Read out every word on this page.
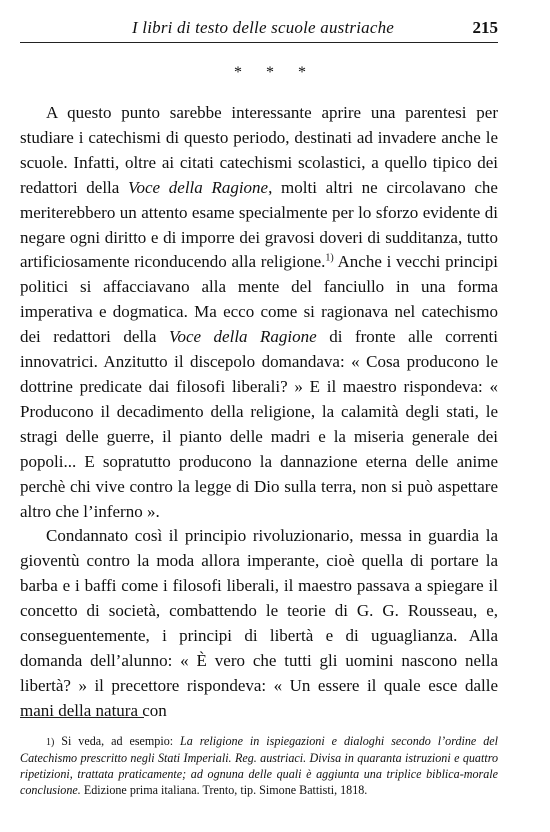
I libri di testo delle scuole austriache	215
* * *

A questo punto sarebbe interessante aprire una parentesi per studiare i catechismi di questo periodo, destinati ad invadere anche le scuole. Infatti, oltre ai citati catechismi scolastici, a quello tipico dei redattori della Voce della Ragione, molti altri ne circolavano che meriterebbero un attento esame specialmente per lo sforzo evidente di negare ogni diritto e di imporre dei gravosi doveri di sudditanza, tutto artificiosamente riconducendo alla religione.$^{1)}$ Anche i vecchi principi politici si affacciavano alla mente del fanciullo in una forma imperativa e dogmatica. Ma ecco come si ragionava nel catechismo dei redattori della Voce della Ragione di fronte alle correnti innovatrici. Anzitutto il discepolo domandava: « Cosa producono le dottrine predicate dai filosofi liberali? » E il maestro rispondeva: « Producono il decadimento della religione, la calamità degli stati, le stragi delle guerre, il pianto delle madri e la miseria generale dei popoli... E sopratutto producono la dannazione eterna delle anime perchè chi vive contro la legge di Dio sulla terra, non si può aspettare altro che l’inferno ».

Condannato così il principio rivoluzionario, messa in guardia la gioventù contro la moda allora imperante, cioè quella di portare la barba e i baffi come i filosofi liberali, il maestro passava a spiegare il concetto di società, combattendo le teorie di G. G. Rousseau, e, conseguentemente, i principi di libertà e di uguaglianza. Alla domanda dell’alunno: « È vero che tutti gli uomini nascono nella libertà? » il precettore rispondeva: « Un essere il quale esce dalle mani della natura con

1) Si veda, ad esempio: La religione in ispiegazioni e dialoghi secondo l’ordine del Catechismo prescritto negli Stati Imperiali. Reg. austriaci. Divisa in quaranta istruzioni e quattro ripetizioni, trattata praticamente; ad ognuna delle quali è aggiunta una triplice biblica-morale conclusione. Edizione prima italiana. Trento, tip. Simone Battisti, 1818.
